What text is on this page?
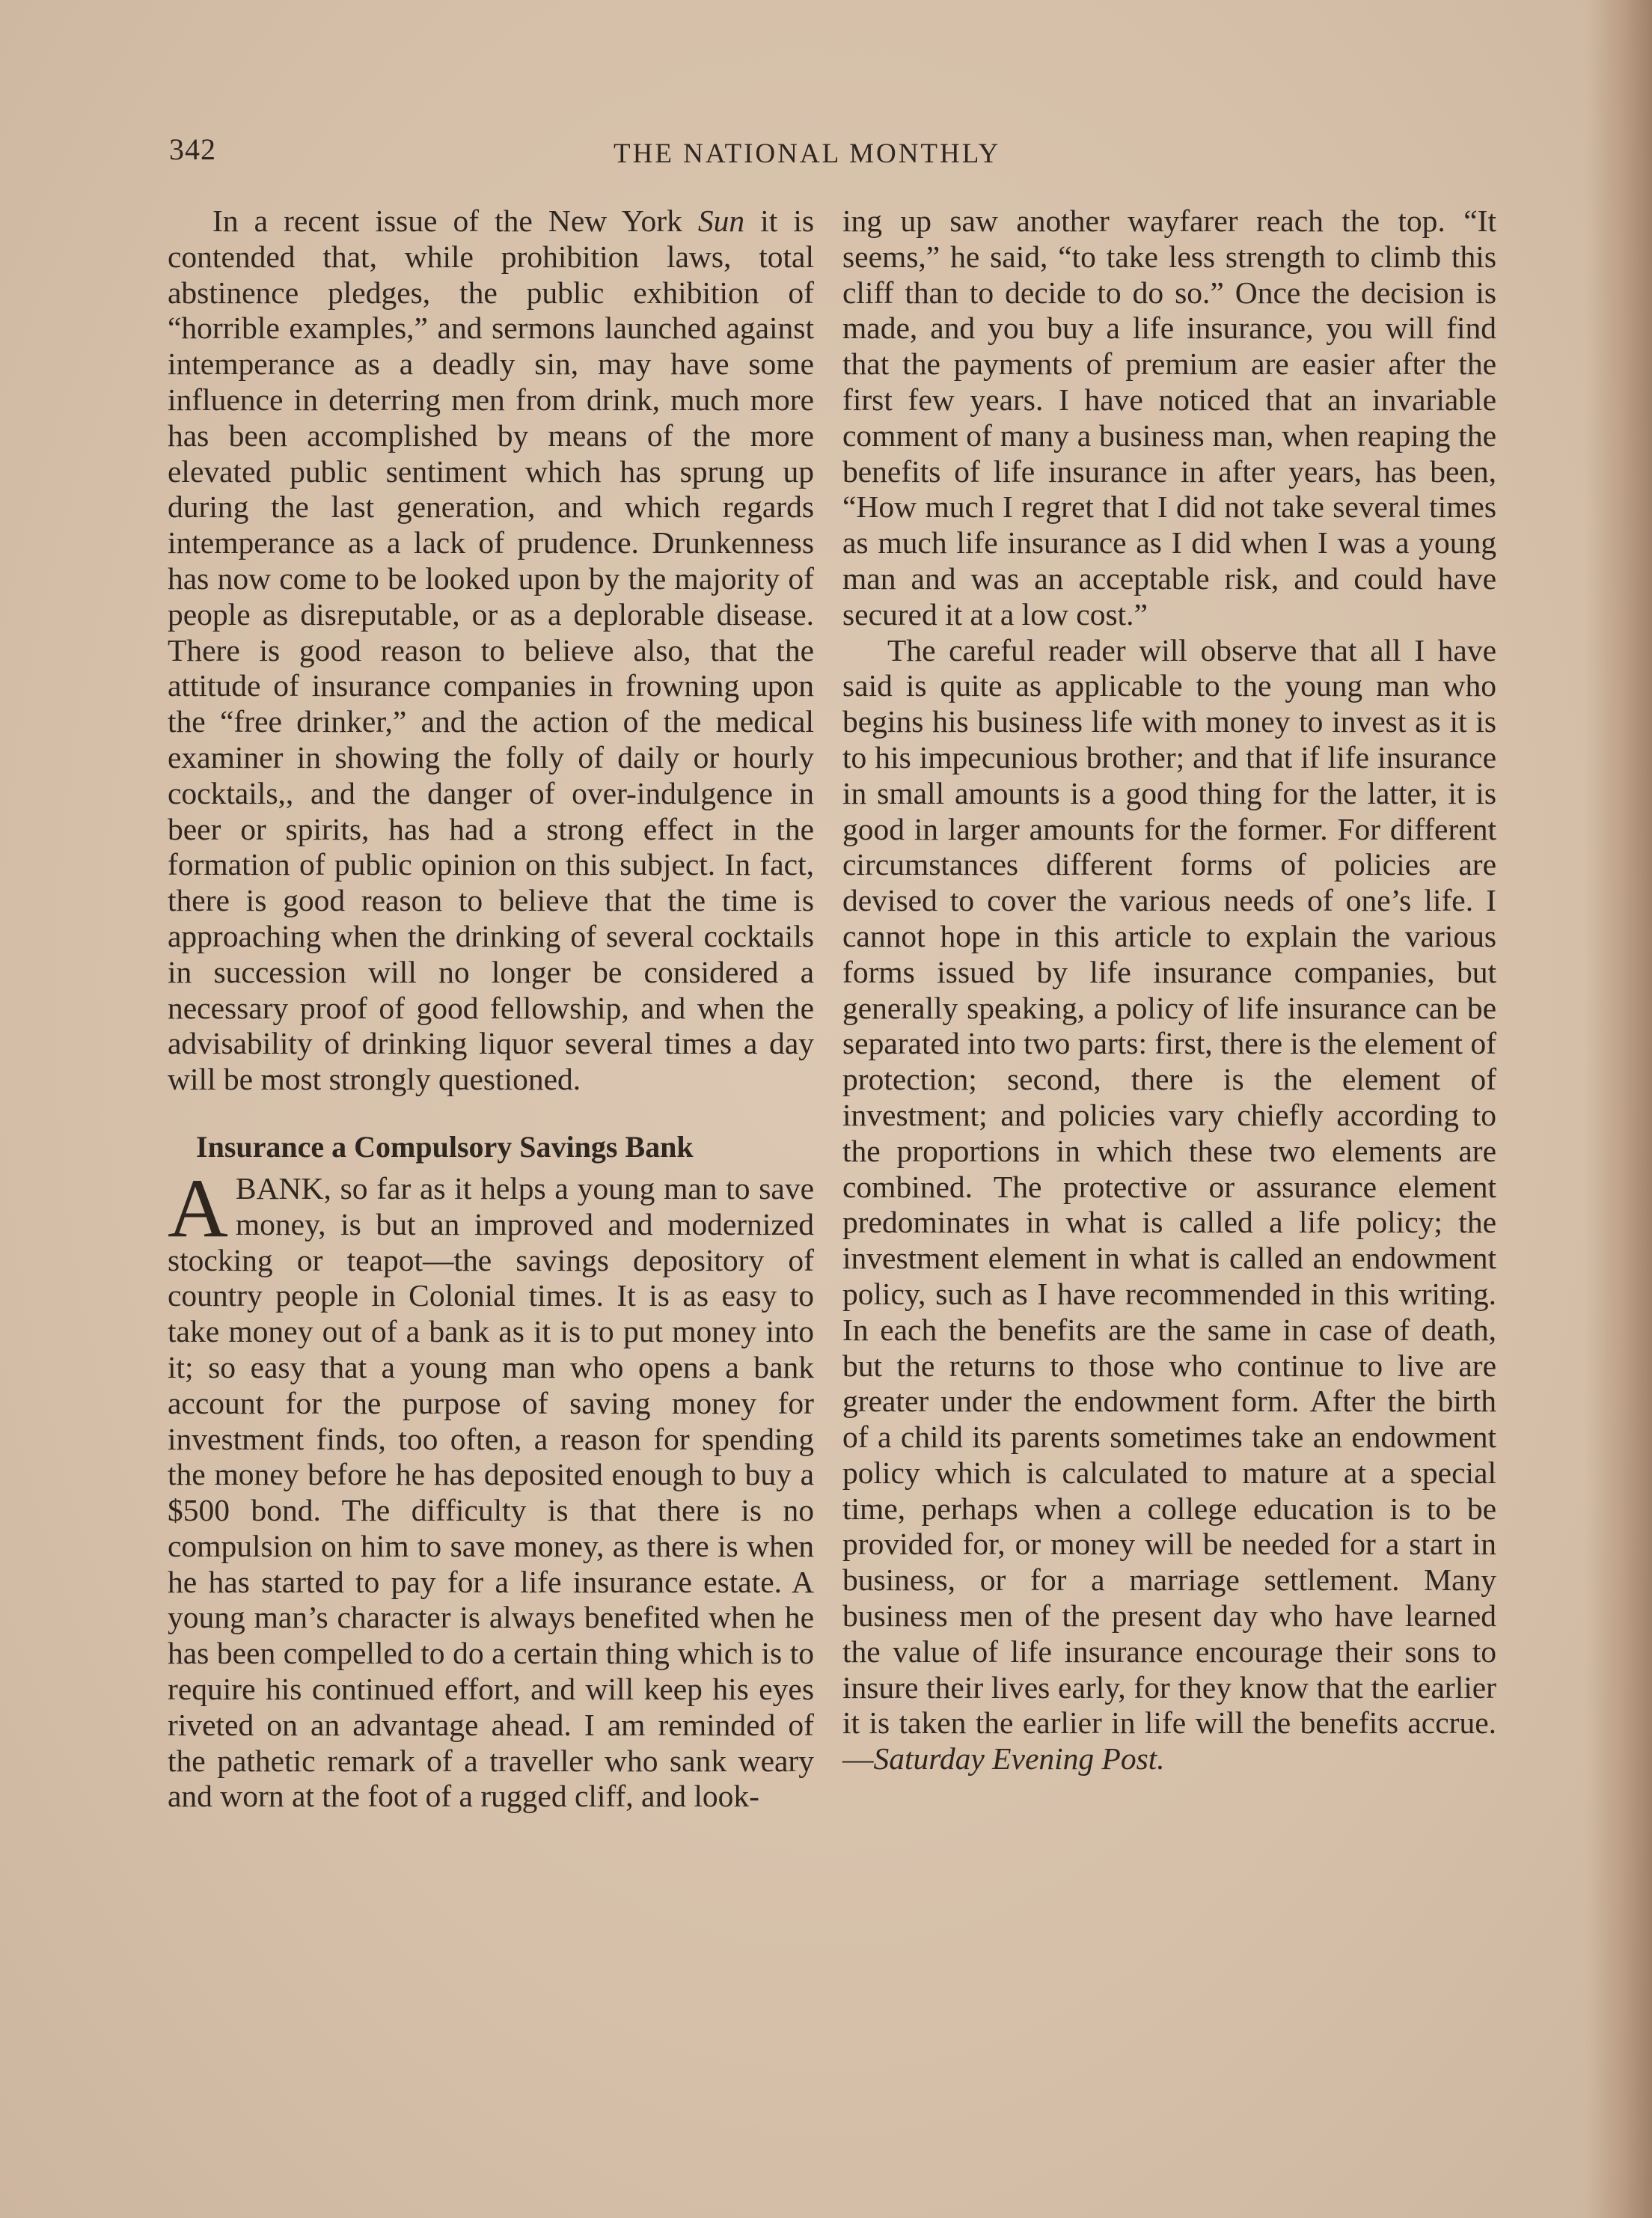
342	THE NATIONAL MONTHLY

In a recent issue of the New York Sun it is contended that, while prohibition laws, total abstinence pledges, the public exhibition of “horrible examples,” and sermons launched against intemperance as a deadly sin, may have some influence in deterring men from drink, much more has been accomplished by means of the more elevated public sentiment which has sprung up during the last generation, and which regards intemperance as a lack of prudence. Drunkenness has now come to be looked upon by the majority of people as disreputable, or as a deplorable disease. There is good reason to believe also, that the attitude of insurance companies in frowning upon the “free drinker,” and the action of the medical examiner in showing the folly of daily or hourly cocktails,, and the danger of over-indulgence in beer or spirits, has had a strong effect in the formation of public opinion on this subject. In fact, there is good reason to believe that the time is approaching when the drinking of several cocktails in succession will no longer be considered a necessary proof of good fellowship, and when the advisability of drinking liquor several times a day will be most strongly questioned.

Insurance a Compulsory Savings Bank

A BANK, so far as it helps a young man to save money, is but an improved and modernized stocking or teapot—the savings depository of country people in Colonial times. It is as easy to take money out of a bank as it is to put money into it; so easy that a young man who opens a bank account for the purpose of saving money for investment finds, too often, a reason for spending the money before he has deposited enough to buy a $500 bond. The difficulty is that there is no compulsion on him to save money, as there is when he has started to pay for a life insurance estate. A young man’s character is always benefited when he has been compelled to do a certain thing which is to require his continued effort, and will keep his eyes riveted on an advantage ahead. I am reminded of the pathetic remark of a traveller who sank weary and worn at the foot of a rugged cliff, and look-

ing up saw another wayfarer reach the top. “It seems,” he said, “to take less strength to climb this cliff than to decide to do so.” Once the decision is made, and you buy a life insurance, you will find that the payments of premium are easier after the first few years. I have noticed that an invariable comment of many a business man, when reaping the benefits of life insurance in after years, has been, “How much I regret that I did not take several times as much life insurance as I did when I was a young man and was an acceptable risk, and could have secured it at a low cost.”

The careful reader will observe that all I have said is quite as applicable to the young man who begins his business life with money to invest as it is to his impecunious brother; and that if life insurance in small amounts is a good thing for the latter, it is good in larger amounts for the former. For different circumstances different forms of policies are devised to cover the various needs of one’s life. I cannot hope in this article to explain the various forms issued by life insurance companies, but generally speaking, a policy of life insurance can be separated into two parts: first, there is the element of protection; second, there is the element of investment; and policies vary chiefly according to the proportions in which these two elements are combined. The protective or assurance element predominates in what is called a life policy; the investment element in what is called an endowment policy, such as I have recommended in this writing. In each the benefits are the same in case of death, but the returns to those who continue to live are greater under the endowment form. After the birth of a child its parents sometimes take an endowment policy which is calculated to mature at a special time, perhaps when a college education is to be provided for, or money will be needed for a start in business, or for a marriage settlement. Many business men of the present day who have learned the value of life insurance encourage their sons to insure their lives early, for they know that the earlier it is taken the earlier in life will the benefits accrue.—Saturday Evening Post.
